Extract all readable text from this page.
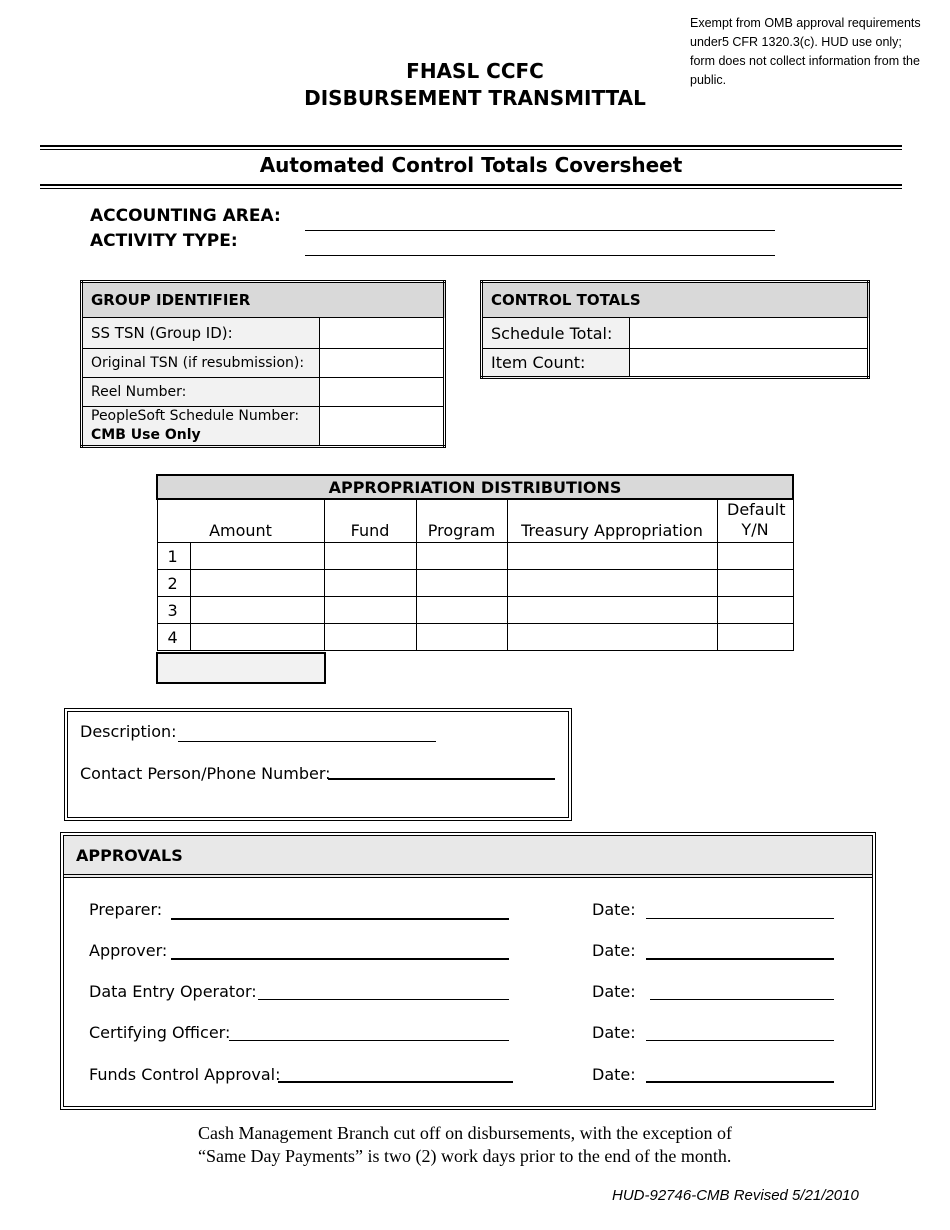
Exempt from OMB approval requirements under5 CFR 1320.3(c). HUD use only; form does not collect information from the public.
FHASL CCFC
DISBURSEMENT TRANSMITTAL
Automated Control Totals Coversheet
ACCOUNTING AREA:
ACTIVITY TYPE:
GROUP IDENTIFIER	
SS TSN (Group ID):	
Original TSN (if resubmission):	
Reel Number:	

PeopleSoft Schedule Number:
CMB Use Only	

CONTROL TOTALS	
Schedule Total:	
Item Count:	
APPROPRIATION DISTRIBUTIONS					
Amount		Fund	Program	Treasury Appropriation	Default Y/N
1					
2					
3					
4					
Description:
Contact Person/Phone Number:
APPROVALS
Preparer:	Date:
Approver:	Date:
Data Entry Operator:	Date:
Certifying Officer:	Date:
Funds Control Approval:	Date:
Cash Management Branch cut off on disbursements, with the exception of
“Same Day Payments” is two (2) work days prior to the end of the month.
HUD-92746-CMB Revised 5/21/2010
